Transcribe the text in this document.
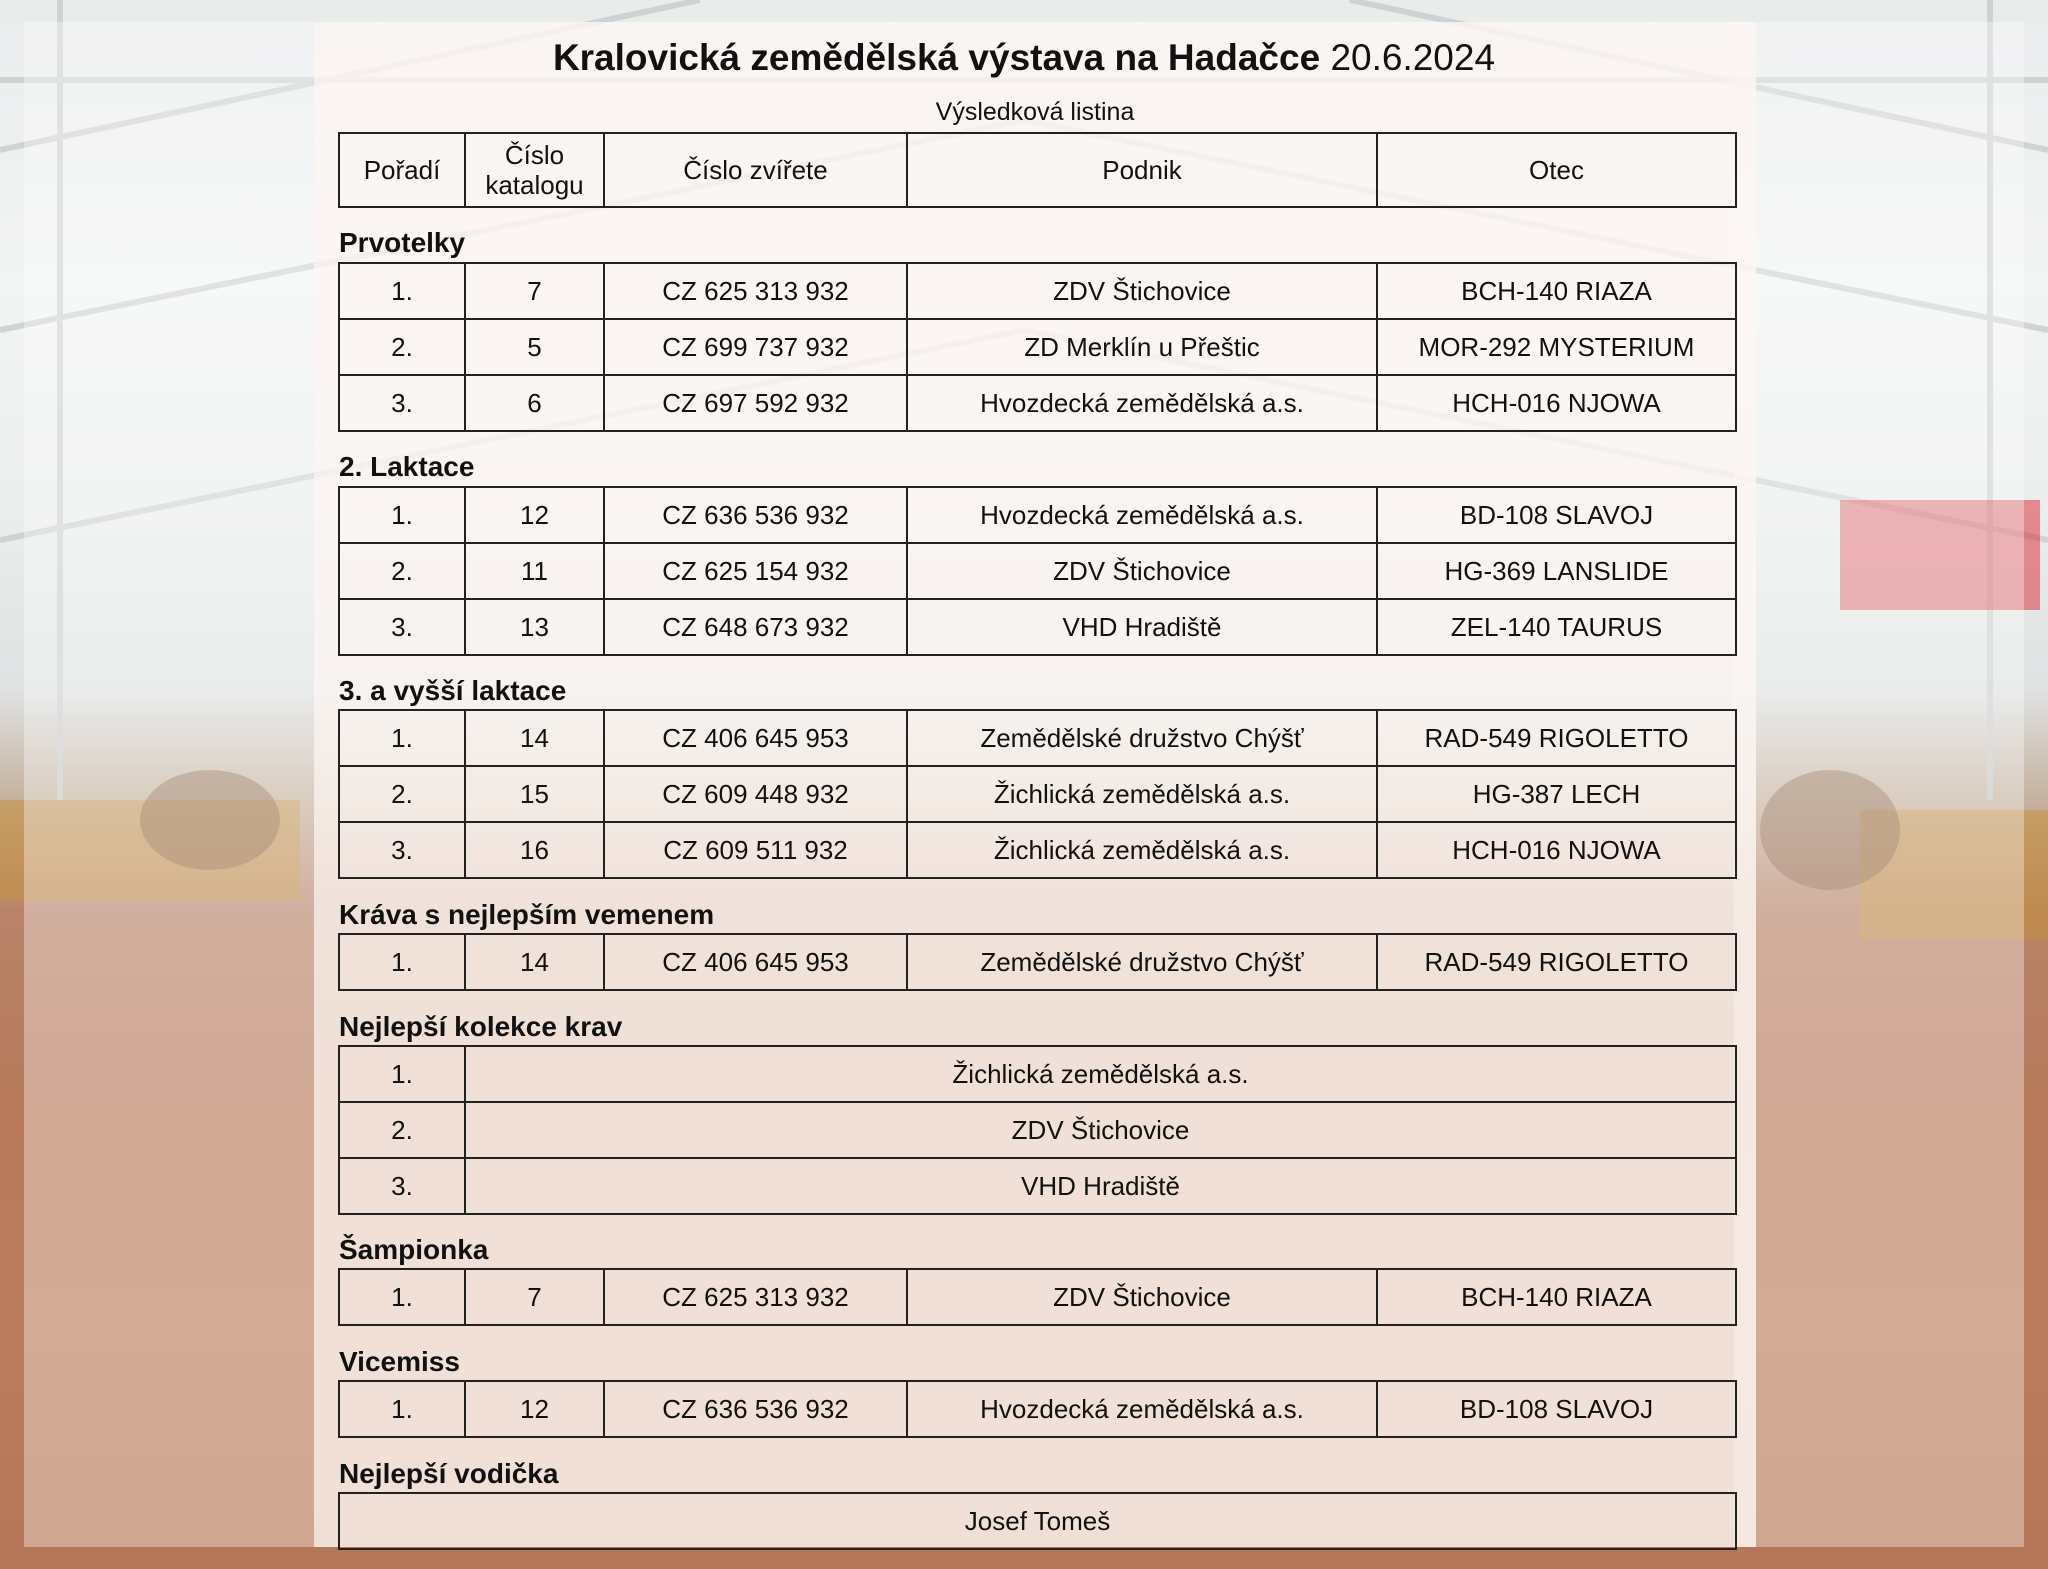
Kralovická zemědělská výstava na Hadačce 20.6.2024
Výsledková listina
Pořadí	Číslo katalogu	Číslo zvířete	Podnik	Otec
Prvotelky
1.	7	CZ 625 313 932	ZDV Štichovice	BCH-140 RIAZA
2.	5	CZ 699 737 932	ZD Merklín u Přeštic	MOR-292 MYSTERIUM
3.	6	CZ 697 592 932	Hvozdecká zemědělská a.s.	HCH-016 NJOWA
2. Laktace
1.	12	CZ 636 536 932	Hvozdecká zemědělská a.s.	BD-108 SLAVOJ
2.	11	CZ 625 154 932	ZDV Štichovice	HG-369 LANSLIDE
3.	13	CZ 648 673 932	VHD Hradiště	ZEL-140 TAURUS
3. a vyšší laktace
1.	14	CZ 406 645 953	Zemědělské družstvo Chýšť	RAD-549 RIGOLETTO
2.	15	CZ 609 448 932	Žichlická zemědělská a.s.	HG-387 LECH
3.	16	CZ 609 511 932	Žichlická zemědělská a.s.	HCH-016 NJOWA
Kráva s nejlepším vemenem
1.	14	CZ 406 645 953	Zemědělské družstvo Chýšť	RAD-549 RIGOLETTO
Nejlepší kolekce krav
1.	Žichlická zemědělská a.s.
2.	ZDV Štichovice
3.	VHD Hradiště
Šampionka
1.	7	CZ 625 313 932	ZDV Štichovice	BCH-140 RIAZA
Vicemiss
1.	12	CZ 636 536 932	Hvozdecká zemědělská a.s.	BD-108 SLAVOJ
Nejlepší vodička
Josef Tomeš
